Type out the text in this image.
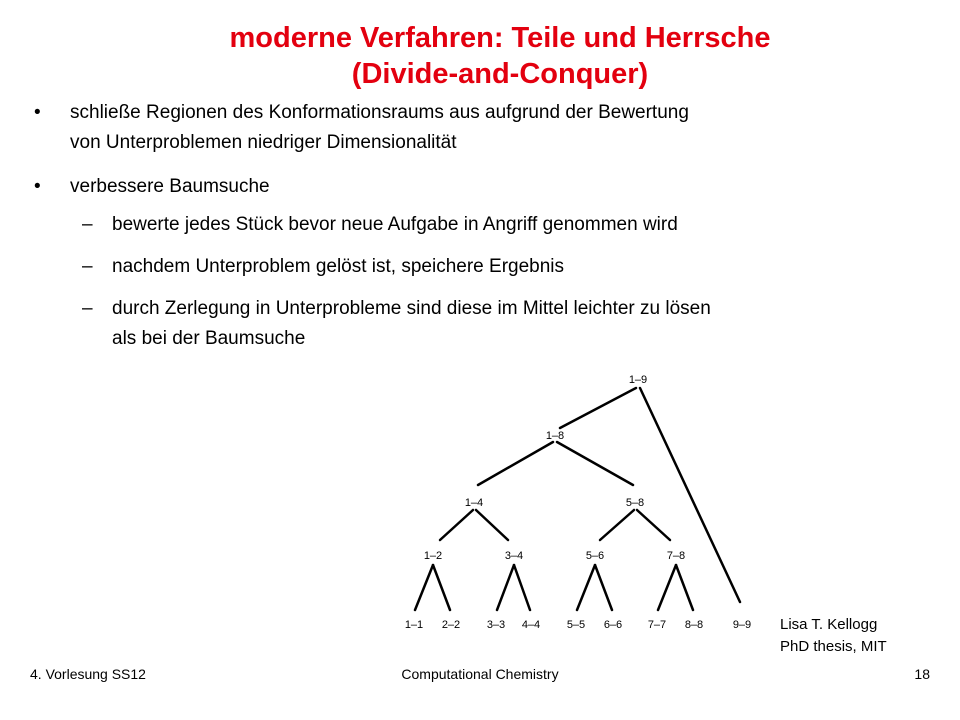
moderne Verfahren: Teile und Herrsche
(Divide-and-Conquer)
• schließe Regionen des Konformationsraums aus aufgrund der Bewertung
von Unterproblemen niedriger Dimensionalität
• verbessere Baumsuche
– bewerte jedes Stück bevor neue Aufgabe in Angriff genommen wird
– nachdem Unterproblem gelöst ist, speichere Ergebnis
– durch Zerlegung in Unterprobleme sind diese im Mittel leichter zu lösen
als bei der Baumsuche
1–9
1–8
1–4	5–8
1–2	3–4	5–6	7–8
1–1 2–2 3–3 4–4 5–5 6–6 7–7 8–8	9–9 Lisa T. Kellogg
PhD thesis, MIT
4. Vorlesung SS12	Computational Chemistry	18
